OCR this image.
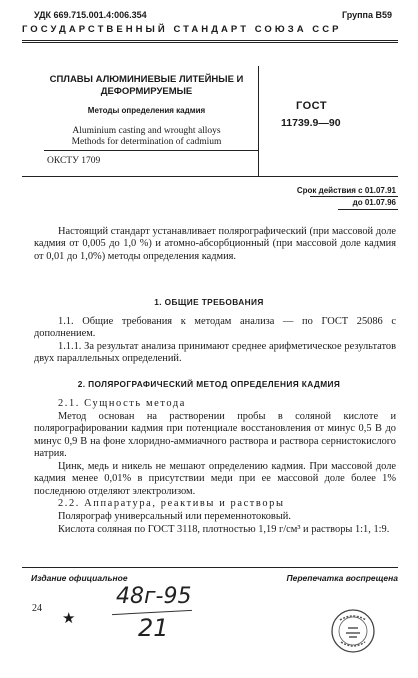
УДК 669.715.001.4:006.354	Группа В59
ГОСУДАРСТВЕННЫЙ СТАНДАРТ СОЮЗА ССР
СПЛАВЫ АЛЮМИНИЕВЫЕ ЛИТЕЙНЫЕ И
ДЕФОРМИРУЕМЫЕ
Методы определения кадмия
Aluminium casting and wrought alloys
Methods for determination of cadmium
ОКСТУ 1709
ГОСТ
11739.9—90
Срок действия с 01.07.91
до 01.07.96
Настоящий стандарт устанавливает полярографический (при массовой доле кадмия от 0,005 до 1,0 %) и атомно-абсорбционный (при массовой доле кадмия от 0,01 до 1,0%) методы определения кадмия.
1. ОБЩИЕ ТРЕБОВАНИЯ
1.1. Общие требования к методам анализа — по ГОСТ 25086 с дополнением.
1.1.1. За результат анализа принимают среднее арифметическое результатов двух параллельных определений.
2. ПОЛЯРОГРАФИЧЕСКИЙ МЕТОД ОПРЕДЕЛЕНИЯ КАДМИЯ
2.1. Сущность метода
Метод основан на растворении пробы в соляной кислоте и полярографировании кадмия при потенциале восстановления от минус 0,5 В до минус 0,9 В на фоне хлоридно-аммиачного раствора и раствора сернистокислого натрия.
Цинк, медь и никель не мешают определению кадмия. При массовой доле кадмия менее 0,01% в присутствии меди при ее массовой доле более 1% последнюю отделяют электролизом.
2.2. Аппаратура, реактивы и растворы
Полярограф универсальный или переменнотоковый.
Кислота соляная по ГОСТ 3118, плотностью 1,19 г/см³ и растворы 1:1, 1:9.
Издание официальное	Перепечатка воспрещена
24
★
48г-95
21
